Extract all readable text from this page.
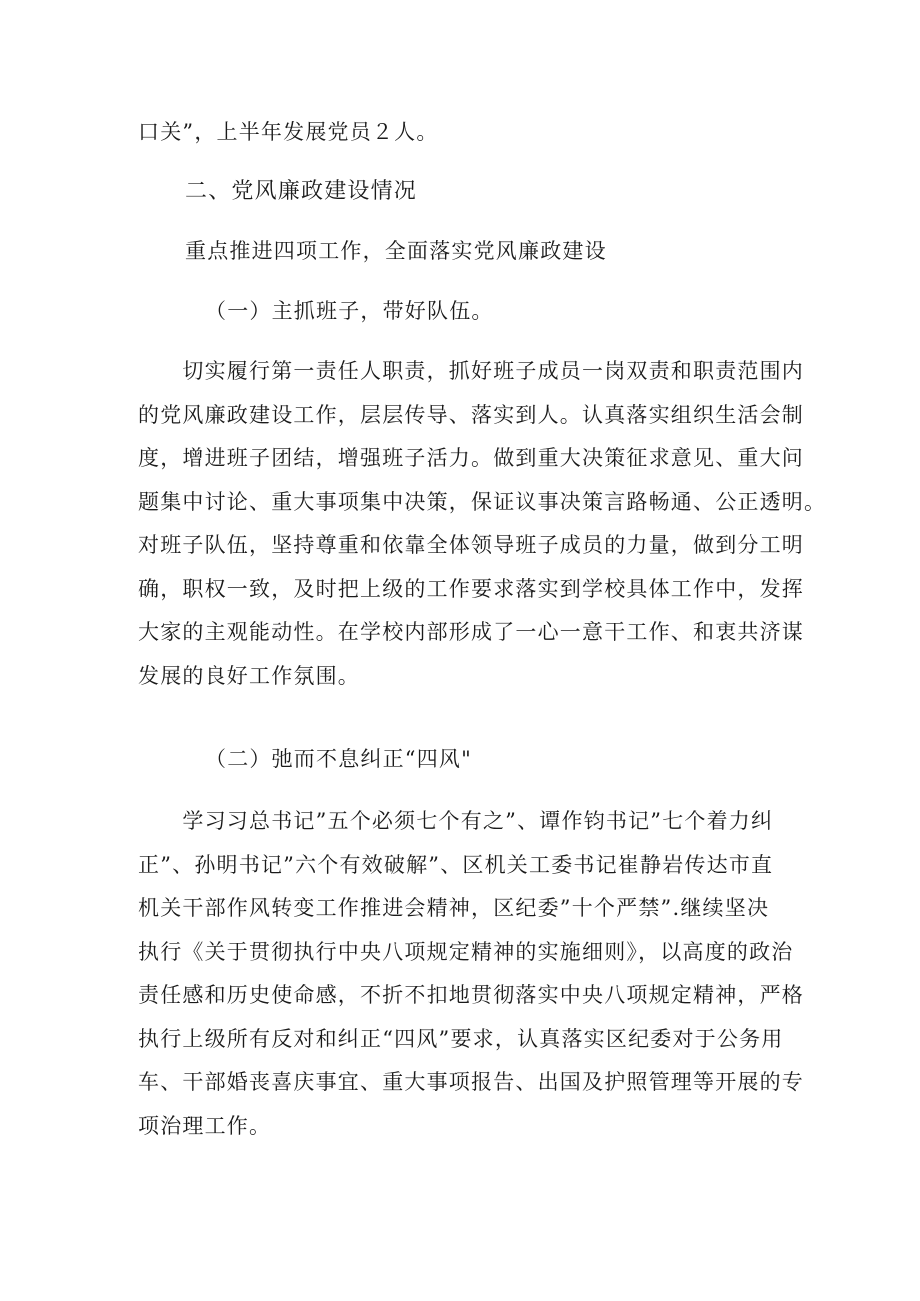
口关”，上半年发展党员２人。
二、党风廉政建设情况
重点推进四项工作，全面落实党风廉政建设
（一）主抓班子，带好队伍。
　　切实履行第一责任人职责，抓好班子成员一岗双责和职责范围内
的党风廉政建设工作，层层传导、落实到人。认真落实组织生活会制
度，增进班子团结，增强班子活力。做到重大决策征求意见、重大问
题集中讨论、重大事项集中决策，保证议事决策言路畅通、公正透明。
对班子队伍，坚持尊重和依靠全体领导班子成员的力量，做到分工明
确，职权一致，及时把上级的工作要求落实到学校具体工作中，发挥
大家的主观能动性。在学校内部形成了一心一意干工作、和衷共济谋
发展的良好工作氛围。
（二）弛而不息纠正“四风"
　　学习习总书记”五个必须七个有之”、谭作钧书记”七个着力纠
正”、孙明书记”六个有效破解”、区机关工委书记崔静岩传达市直
机关干部作风转变工作推进会精神，区纪委”十个严禁”.继续坚决
执行《关于贯彻执行中央八项规定精神的实施细则》，以高度的政治
责任感和历史使命感，不折不扣地贯彻落实中央八项规定精神，严格
执行上级所有反对和纠正“四风”要求，认真落实区纪委对于公务用
车、干部婚丧喜庆事宜、重大事项报告、出国及护照管理等开展的专
项治理工作。
